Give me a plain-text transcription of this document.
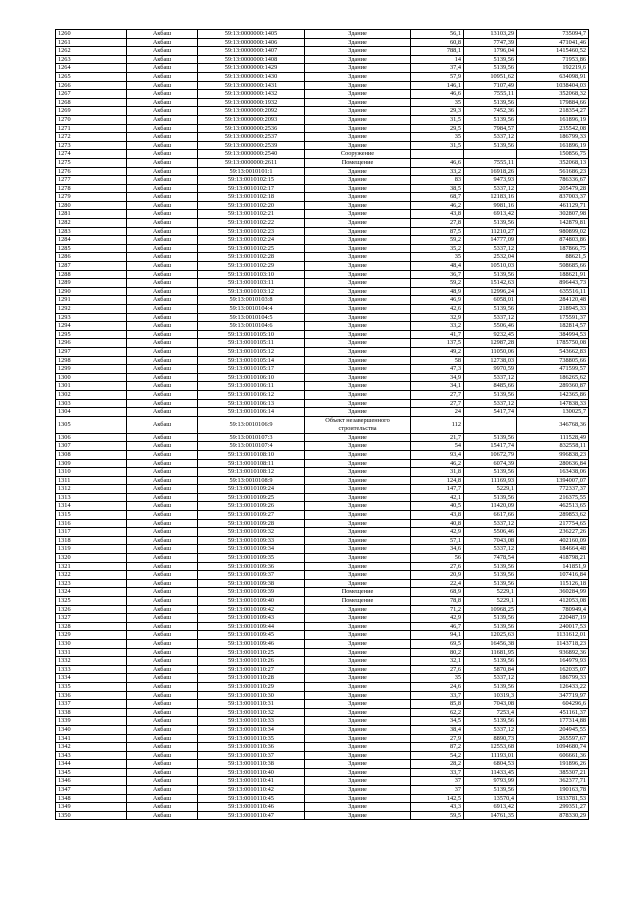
1260	Акбаш	59:13:0000000:1405	Здание	56,1	13103,29	735094,7
1261	Акбаш	59:13:0000000:1406	Здание	60,8	7747,39	471041,46
1262	Акбаш	59:13:0000000:1407	Здание	788,1	1796,04	1415460,52
1263	Акбаш	59:13:0000000:1408	Здание	14	5139,56	71953,86
1264	Акбаш	59:13:0000000:1429	Здание	37,4	5139,56	192219,6
1265	Акбаш	59:13:0000000:1430	Здание	57,9	10951,62	634098,91
1266	Акбаш	59:13:0000000:1431	Здание	146,1	7107,49	1038404,03
1267	Акбаш	59:13:0000000:1432	Здание	46,6	7555,11	352068,32
1268	Акбаш	59:13:0000000:1932	Здание	35	5139,56	179884,66
1269	Акбаш	59:13:0000000:2092	Здание	29,3	7452,36	218354,27
1270	Акбаш	59:13:0000000:2093	Здание	31,5	5139,56	161896,19
1271	Акбаш	59:13:0000000:2536	Здание	29,5	7984,57	235542,08
1272	Акбаш	59:13:0000000:2537	Здание	35	5337,12	186799,33
1273	Акбаш	59:13:0000000:2539	Здание	31,5	5139,56	161896,19
1274	Акбаш	59:13:0000000:2540	Сооружение			150856,75
1275	Акбаш	59:13:0000000:2611	Помещение	46,6	7555,11	352068,13
1276	Акбаш	59:13:0010101:1	Здание	33,2	16918,26	561686,23
1277	Акбаш	59:13:0010102:15	Здание	83	9473,93	786336,67
1278	Акбаш	59:13:0010102:17	Здание	38,5	5337,12	205479,28
1279	Акбаш	59:13:0010102:18	Здание	68,7	12183,16	837003,37
1280	Акбаш	59:13:0010102:20	Здание	46,2	9981,16	461129,71
1281	Акбаш	59:13:0010102:21	Здание	43,8	6913,42	302807,98
1282	Акбаш	59:13:0010102:22	Здание	27,8	5139,56	142879,81
1283	Акбаш	59:13:0010102:23	Здание	87,5	11210,27	980899,02
1284	Акбаш	59:13:0010102:24	Здание	59,2	14777,09	874803,86
1285	Акбаш	59:13:0010102:25	Здание	35,2	5337,12	187866,75
1286	Акбаш	59:13:0010102:28	Здание	35	2532,04	88621,5
1287	Акбаш	59:13:0010102:29	Здание	48,4	10510,03	508685,66
1288	Акбаш	59:13:0010103:10	Здание	36,7	5139,56	188621,91
1289	Акбаш	59:13:0010103:11	Здание	59,2	15142,63	896443,73
1290	Акбаш	59:13:0010103:12	Здание	48,9	12996,24	635516,11
1291	Акбаш	59:13:0010103:8	Здание	46,9	6058,01	284120,48
1292	Акбаш	59:13:0010104:4	Здание	42,6	5139,56	218945,33
1293	Акбаш	59:13:0010104:5	Здание	32,9	5337,12	175591,37
1294	Акбаш	59:13:0010104:6	Здание	33,2	5506,46	182814,57
1295	Акбаш	59:13:0010105:10	Здание	41,7	9232,45	384994,53
1296	Акбаш	59:13:0010105:11	Здание	137,5	12987,28	1785750,08
1297	Акбаш	59:13:0010105:12	Здание	49,2	11050,06	543662,83
1298	Акбаш	59:13:0010105:14	Здание	58	12738,03	738805,66
1299	Акбаш	59:13:0010105:17	Здание	47,3	9970,59	471599,57
1300	Акбаш	59:13:0010106:10	Здание	34,9	5337,12	186265,62
1301	Акбаш	59:13:0010106:11	Здание	34,1	8485,66	289360,87
1302	Акбаш	59:13:0010106:12	Здание	27,7	5139,56	142365,86
1303	Акбаш	59:13:0010106:13	Здание	27,7	5337,12	147838,33
1304	Акбаш	59:13:0010106:14	Здание	24	5417,74	130025,7
1305	Акбаш	59:13:0010106:9	Объект незавершенного строительства	112		346768,36
1306	Акбаш	59:13:0010107:3	Здание	21,7	5139,56	111528,49
1307	Акбаш	59:13:0010107:4	Здание	54	15417,74	832558,11
1308	Акбаш	59:13:0010108:10	Здание	93,4	10672,79	996838,23
1309	Акбаш	59:13:0010108:11	Здание	46,2	6074,39	280636,84
1310	Акбаш	59:13:0010108:12	Здание	31,8	5139,56	163438,06
1311	Акбаш	59:13:0010108:9	Здание	124,8	11169,93	1394007,07
1312	Акбаш	59:13:0010109:24	Здание	147,7	5229,1	772337,37
1313	Акбаш	59:13:0010109:25	Здание	42,1	5139,56	216375,55
1314	Акбаш	59:13:0010109:26	Здание	40,5	11420,09	462513,65
1315	Акбаш	59:13:0010109:27	Здание	43,8	6617,66	289853,62
1316	Акбаш	59:13:0010109:28	Здание	40,8	5337,12	217754,65
1317	Акбаш	59:13:0010109:32	Здание	42,9	5506,46	236227,26
1318	Акбаш	59:13:0010109:33	Здание	57,1	7043,08	402160,09
1319	Акбаш	59:13:0010109:34	Здание	34,6	5337,12	184664,48
1320	Акбаш	59:13:0010109:35	Здание	56	7478,54	418798,21
1321	Акбаш	59:13:0010109:36	Здание	27,6	5139,56	141851,9
1322	Акбаш	59:13:0010109:37	Здание	20,9	5139,56	107416,84
1323	Акбаш	59:13:0010109:38	Здание	22,4	5139,56	115126,18
1324	Акбаш	59:13:0010109:39	Помещение	68,9	5229,1	360284,99
1325	Акбаш	59:13:0010109:40	Помещение	78,8	5229,1	412053,08
1326	Акбаш	59:13:0010109:42	Здание	71,2	10968,25	780949,4
1327	Акбаш	59:13:0010109:43	Здание	42,9	5139,56	220487,19
1328	Акбаш	59:13:0010109:44	Здание	46,7	5139,56	240017,53
1329	Акбаш	59:13:0010109:45	Здание	94,1	12025,63	1131612,01
1330	Акбаш	59:13:0010109:46	Здание	69,5	16456,38	1143718,23
1331	Акбаш	59:13:0010110:25	Здание	80,2	11681,95	936892,36
1332	Акбаш	59:13:0010110:26	Здание	32,1	5139,56	164979,93
1333	Акбаш	59:13:0010110:27	Здание	27,6	5870,84	162035,07
1334	Акбаш	59:13:0010110:28	Здание	35	5337,12	186799,33
1335	Акбаш	59:13:0010110:29	Здание	24,6	5139,56	126433,22
1336	Акбаш	59:13:0010110:30	Здание	33,7	10319,3	347719,97
1337	Акбаш	59:13:0010110:31	Здание	85,8	7043,08	604296,6
1338	Акбаш	59:13:0010110:32	Здание	62,2	7253,4	451161,37
1339	Акбаш	59:13:0010110:33	Здание	34,5	5139,56	177314,88
1340	Акбаш	59:13:0010110:34	Здание	38,4	5337,12	204945,55
1341	Акбаш	59:13:0010110:35	Здание	27,9	8890,73	265597,67
1342	Акбаш	59:13:0010110:36	Здание	87,2	12553,68	1094680,74
1343	Акбаш	59:13:0010110:37	Здание	54,2	11193,01	606661,36
1344	Акбаш	59:13:0010110:38	Здание	28,2	6804,53	191896,26
1345	Акбаш	59:13:0010110:40	Здание	33,7	11433,45	385307,21
1346	Акбаш	59:13:0010110:41	Здание	37	9793,99	362377,71
1347	Акбаш	59:13:0010110:42	Здание	37	5139,56	190163,78
1348	Акбаш	59:13:0010110:45	Здание	142,5	13570,4	1933781,53
1349	Акбаш	59:13:0010110:46	Здание	43,3	6913,42	299351,27
1350	Акбаш	59:13:0010110:47	Здание	59,5	14761,35	878330,29
